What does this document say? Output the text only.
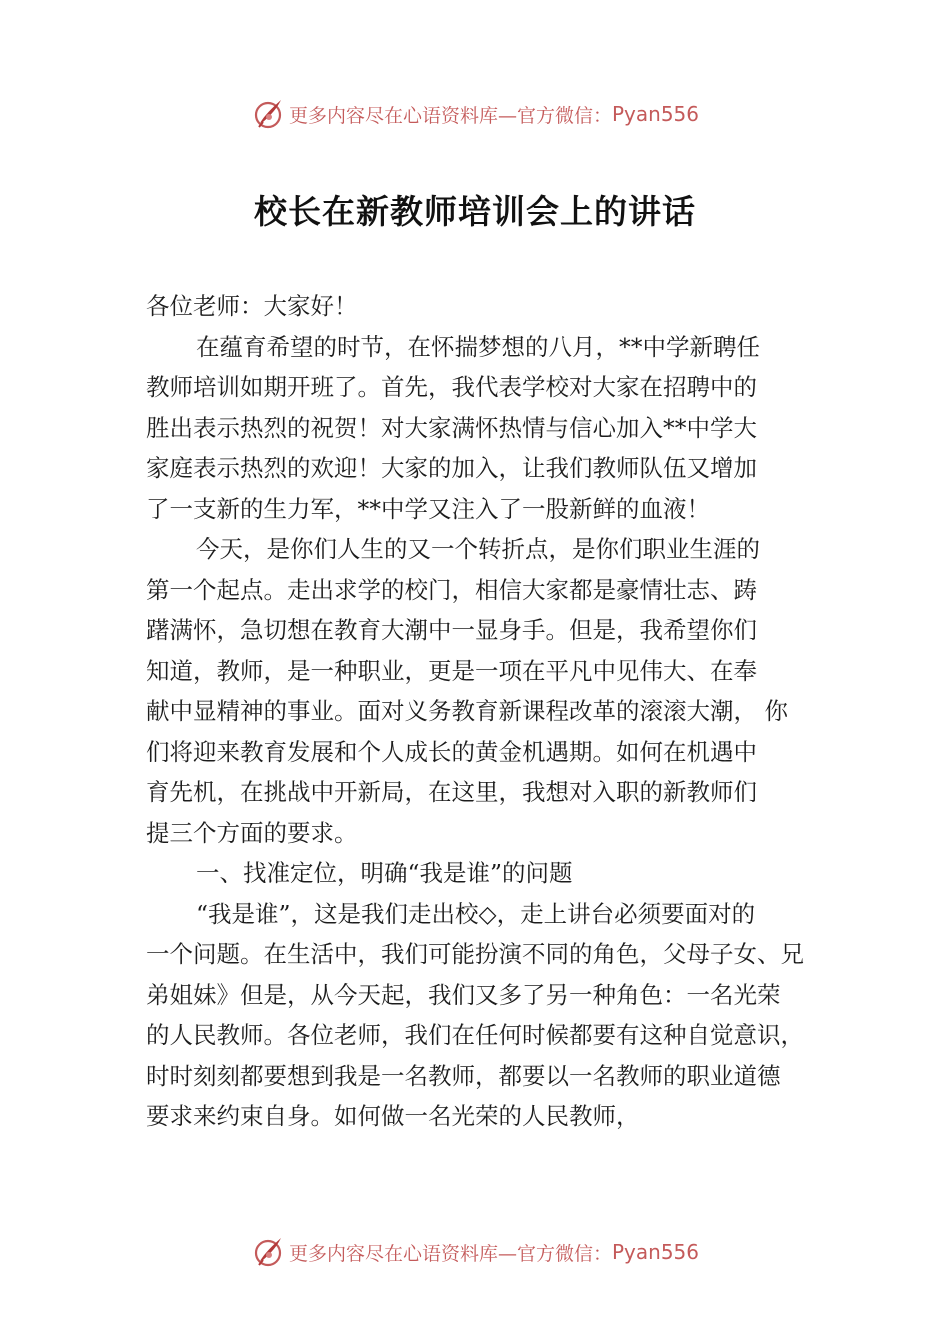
更多内容尽在心语资料库—官方微信： Pyan556
校长在新教师培训会上的讲话
各位老师：大家好！
在蕴育希望的时节，在怀揣梦想的八月，**中学新聘任
教师培训如期开班了。首先，我代表学校对大家在招聘中的
胜出表示热烈的祝贺！对大家满怀热情与信心加入**中学大
家庭表示热烈的欢迎！大家的加入，让我们教师队伍又增加
了一支新的生力军，**中学又注入了一股新鲜的血液！
今天，是你们人生的又一个转折点，是你们职业生涯的
第一个起点。走出求学的校门，相信大家都是豪情壮志、踌
躇满怀，急切想在教育大潮中一显身手。但是，我希望你们
知道，教师，是一种职业，更是一项在平凡中见伟大、在奉
献中显精神的事业。面对义务教育新课程改革的滚滚大潮， 你
们将迎来教育发展和个人成长的黄金机遇期。如何在机遇中
育先机，在挑战中开新局，在这里，我想对入职的新教师们
提三个方面的要求。
一、找准定位，明确“我是谁”的问题
“我是谁”，这是我们走出校◇，走上讲台必须要面对的
一个问题。在生活中，我们可能扮演不同的角色，父母子女、兄
弟姐妹》但是，从今天起，我们又多了另一种角色：一名光荣
的人民教师。各位老师，我们在任何时候都要有这种自觉意识，
时时刻刻都要想到我是一名教师，都要以一名教师的职业道德
要求来约束自身。如何做一名光荣的人民教师，
更多内容尽在心语资料库—官方微信： Pyan556
